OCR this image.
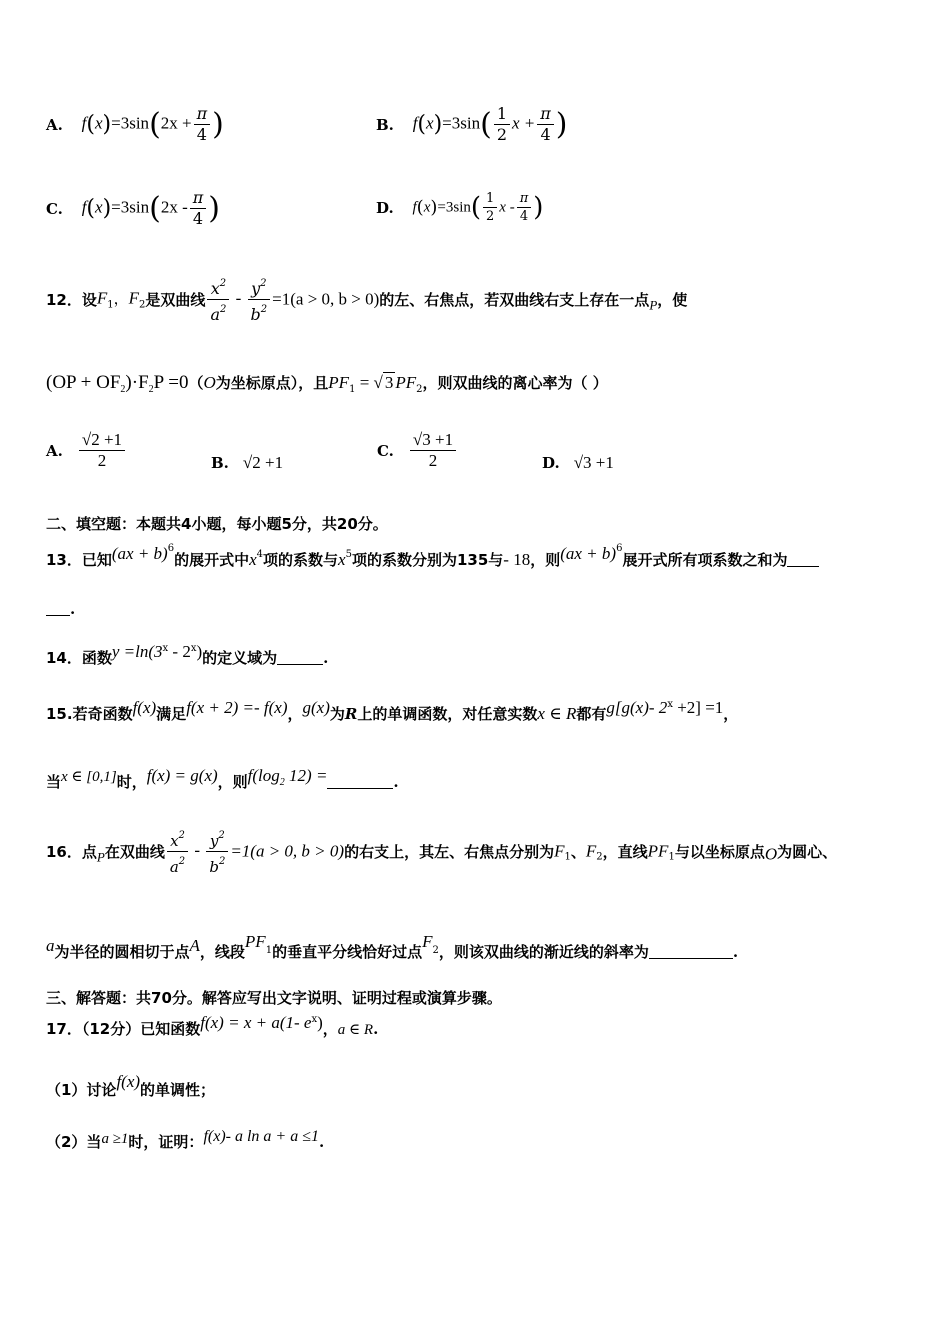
A. $f(x)=3\sin(2x + \frac{\pi}{4}$ )	B. $f(x)=3\sin( \frac{1}{2}$ $x + \frac{\pi}{4}$ )
C. $f(x)=3\sin(2x - \frac{\pi}{4}$ )	D. $f(x)=3\sin( \frac{1}{2}$ x - $\frac{\pi}{4}$ )
12．设$F_1$，$F_2$是双曲线 $\frac{x^2}{a^2} - \frac{y^2}{b^2} =1(a > 0$, b > 0)的左、右焦点，若双曲线右支上存在一点P，使
$(OP + OF_2)\cdot F_2P =0(O$为坐标原点），且$PF_1$ = √ 3 $PF_2$，则双曲线的离心率为（ ）
A. $\frac{√2 +1}{2}$	B. √2 +1
C. $\frac{√3 +1}{2}$	D. √3 +1
二、填空题：本题共4小题，每小题5分，共20分。
13．已知(ax + b)$^6$的展开式中$x^4$项的系数与$x^5$项的系数分别为135与- 18，则(ax + b)$^6$展开式所有项系数之和为
.
14．函数$y =\ln(3^x - 2^x)$的定义域为	.
15.若奇函数f(x)满足f(x + 2) =- f(x)，g(x)为R上的单调函数，对任意实数x ∈ R都有g[g(x)- $2^x +2] =1$，
当x ∈ [0,1]时，f(x) = g(x)，则$f(\log_2$ 12) =	.
16．点P在双曲线 $\frac{x^2}{a^2} - \frac{y^2}{b^2} =1(a > 0$, b > 0)的右支上，其左、右焦点分别为$F_1$、$F_2$，直线$PF_1$与以坐标原点O为圆心、
a为半径的圆相切于点A，线段$PF^1$的垂直平分线恰好过点$F^2$，则该双曲线的渐近线的斜率为	.
三、解答题：共70分。解答应写出文字说明、证明过程或演算步骤。
17．（12分）已知函数f(x) = x + a(1- $e^x$)，a ∈ R.
（1）讨论f(x)的单调性；
（2）当a ≥1时，证明：f(x)- a ln a + a ≤1.
